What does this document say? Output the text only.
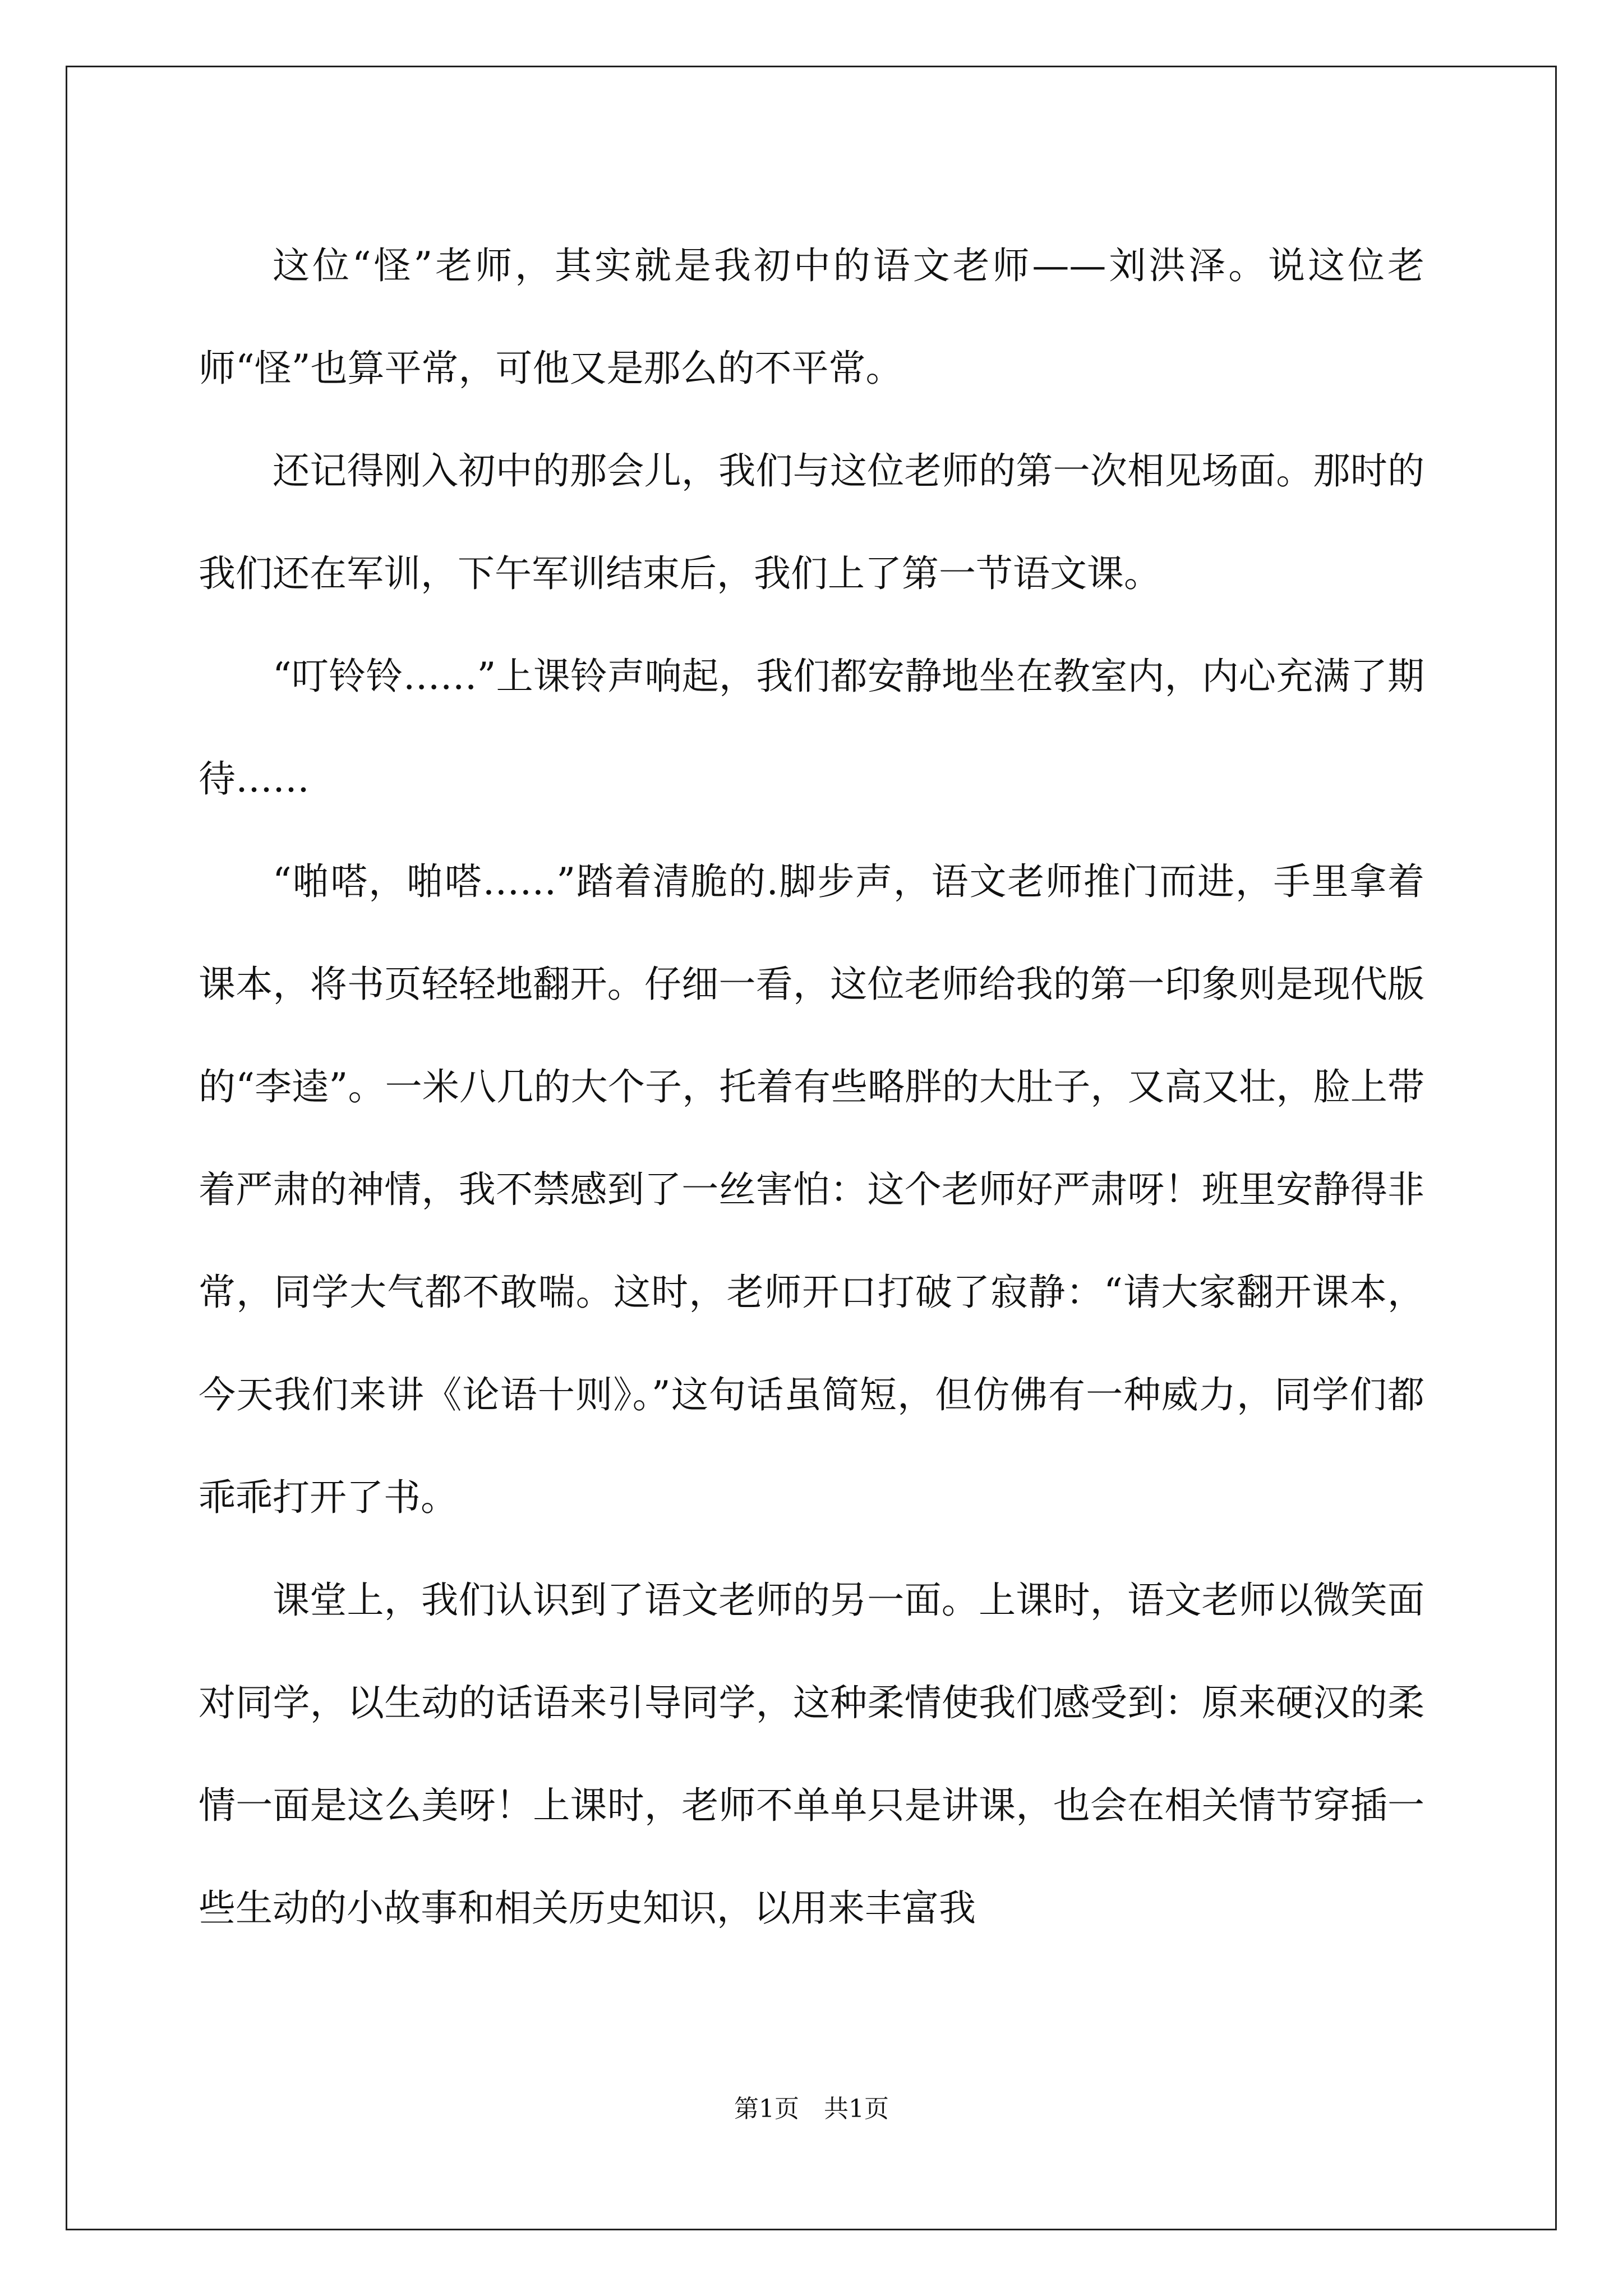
这位“怪”老师，其实就是我初中的语文老师——刘洪泽。说这位老师“怪”也算平常，可他又是那么的不平常。

还记得刚入初中的那会儿，我们与这位老师的第一次相见场面。那时的我们还在军训，下午军训结束后，我们上了第一节语文课。

“叮铃铃……”上课铃声响起，我们都安静地坐在教室内，内心充满了期待……

“啪嗒，啪嗒……”踏着清脆的.脚步声，语文老师推门而进，手里拿着课本，将书页轻轻地翻开。仔细一看，这位老师给我的第一印象则是现代版的“李逵”。一米八几的大个子，托着有些略胖的大肚子，又高又壮，脸上带着严肃的神情，我不禁感到了一丝害怕：这个老师好严肃呀！班里安静得非常，同学大气都不敢喘。这时，老师开口打破了寂静：“请大家翻开课本，今天我们来讲《论语十则》。”这句话虽简短，但仿佛有一种威力，同学们都乖乖打开了书。

课堂上，我们认识到了语文老师的另一面。上课时，语文老师以微笑面对同学，以生动的话语来引导同学，这种柔情使我们感受到：原来硬汉的柔情一面是这么美呀！上课时，老师不单单只是讲课，也会在相关情节穿插一些生动的小故事和相关历史知识，以用来丰富我

第1页　共1页
